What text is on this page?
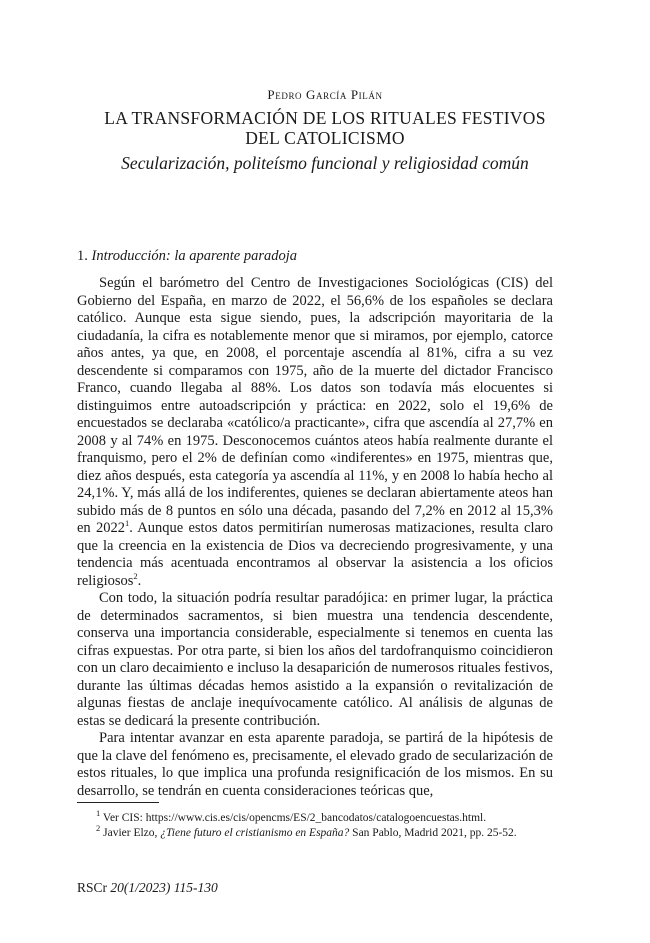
Pedro García Pilán
LA TRANSFORMACIÓN DE LOS RITUALES FESTIVOS
DEL CATOLICISMO
Secularización, politeísmo funcional y religiosidad común
1. Introducción: la aparente paradoja

Según el barómetro del Centro de Investigaciones Sociológicas (CIS) del Gobierno del España, en marzo de 2022, el 56,6% de los españoles se declara católico. Aunque esta sigue siendo, pues, la adscripción mayoritaria de la ciudadanía, la cifra es notablemente menor que si miramos, por ejemplo, catorce años antes, ya que, en 2008, el porcentaje ascendía al 81%, cifra a su vez descendente si comparamos con 1975, año de la muerte del dictador Francisco Franco, cuando llegaba al 88%. Los datos son todavía más elocuentes si distinguimos entre autoadscripción y práctica: en 2022, solo el 19,6% de encuestados se declaraba «católico/a practicante», cifra que ascendía al 27,7% en 2008 y al 74% en 1975. Desconocemos cuántos ateos había realmente durante el franquismo, pero el 2% de definían como «indiferentes» en 1975, mientras que, diez años después, esta categoría ya ascendía al 11%, y en 2008 lo había hecho al 24,1%. Y, más allá de los indiferentes, quienes se declaran abiertamente ateos han subido más de 8 puntos en sólo una década, pasando del 7,2% en 2012 al 15,3% en 2022$^1$. Aunque estos datos permitirían numerosas matizaciones, resulta claro que la creencia en la existencia de Dios va decreciendo progresivamente, y una tendencia más acentuada encontramos al observar la asistencia a los oficios religiosos$^2$.

Con todo, la situación podría resultar paradójica: en primer lugar, la práctica de determinados sacramentos, si bien muestra una tendencia descendente, conserva una importancia considerable, especialmente si tenemos en cuenta las cifras expuestas. Por otra parte, si bien los años del tardofranquismo coincidieron con un claro decaimiento e incluso la desaparición de numerosos rituales festivos, durante las últimas décadas hemos asistido a la expansión o revitalización de algunas fiestas de anclaje inequívocamente católico. Al análisis de algunas de estas se dedicará la presente contribución.

Para intentar avanzar en esta aparente paradoja, se partirá de la hipótesis de que la clave del fenómeno es, precisamente, el elevado grado de secularización de estos rituales, lo que implica una profunda resignificación de los mismos. En su desarrollo, se tendrán en cuenta consideraciones teóricas que,

$^1$ Ver CIS: https://www.cis.es/cis/opencms/ES/2_bancodatos/catalogoencuestas.html.

$^2$ Javier Elzo, ¿Tiene futuro el cristianismo en España? San Pablo, Madrid 2021, pp. 25-52.

RSCr 20(1/2023) 115-130
